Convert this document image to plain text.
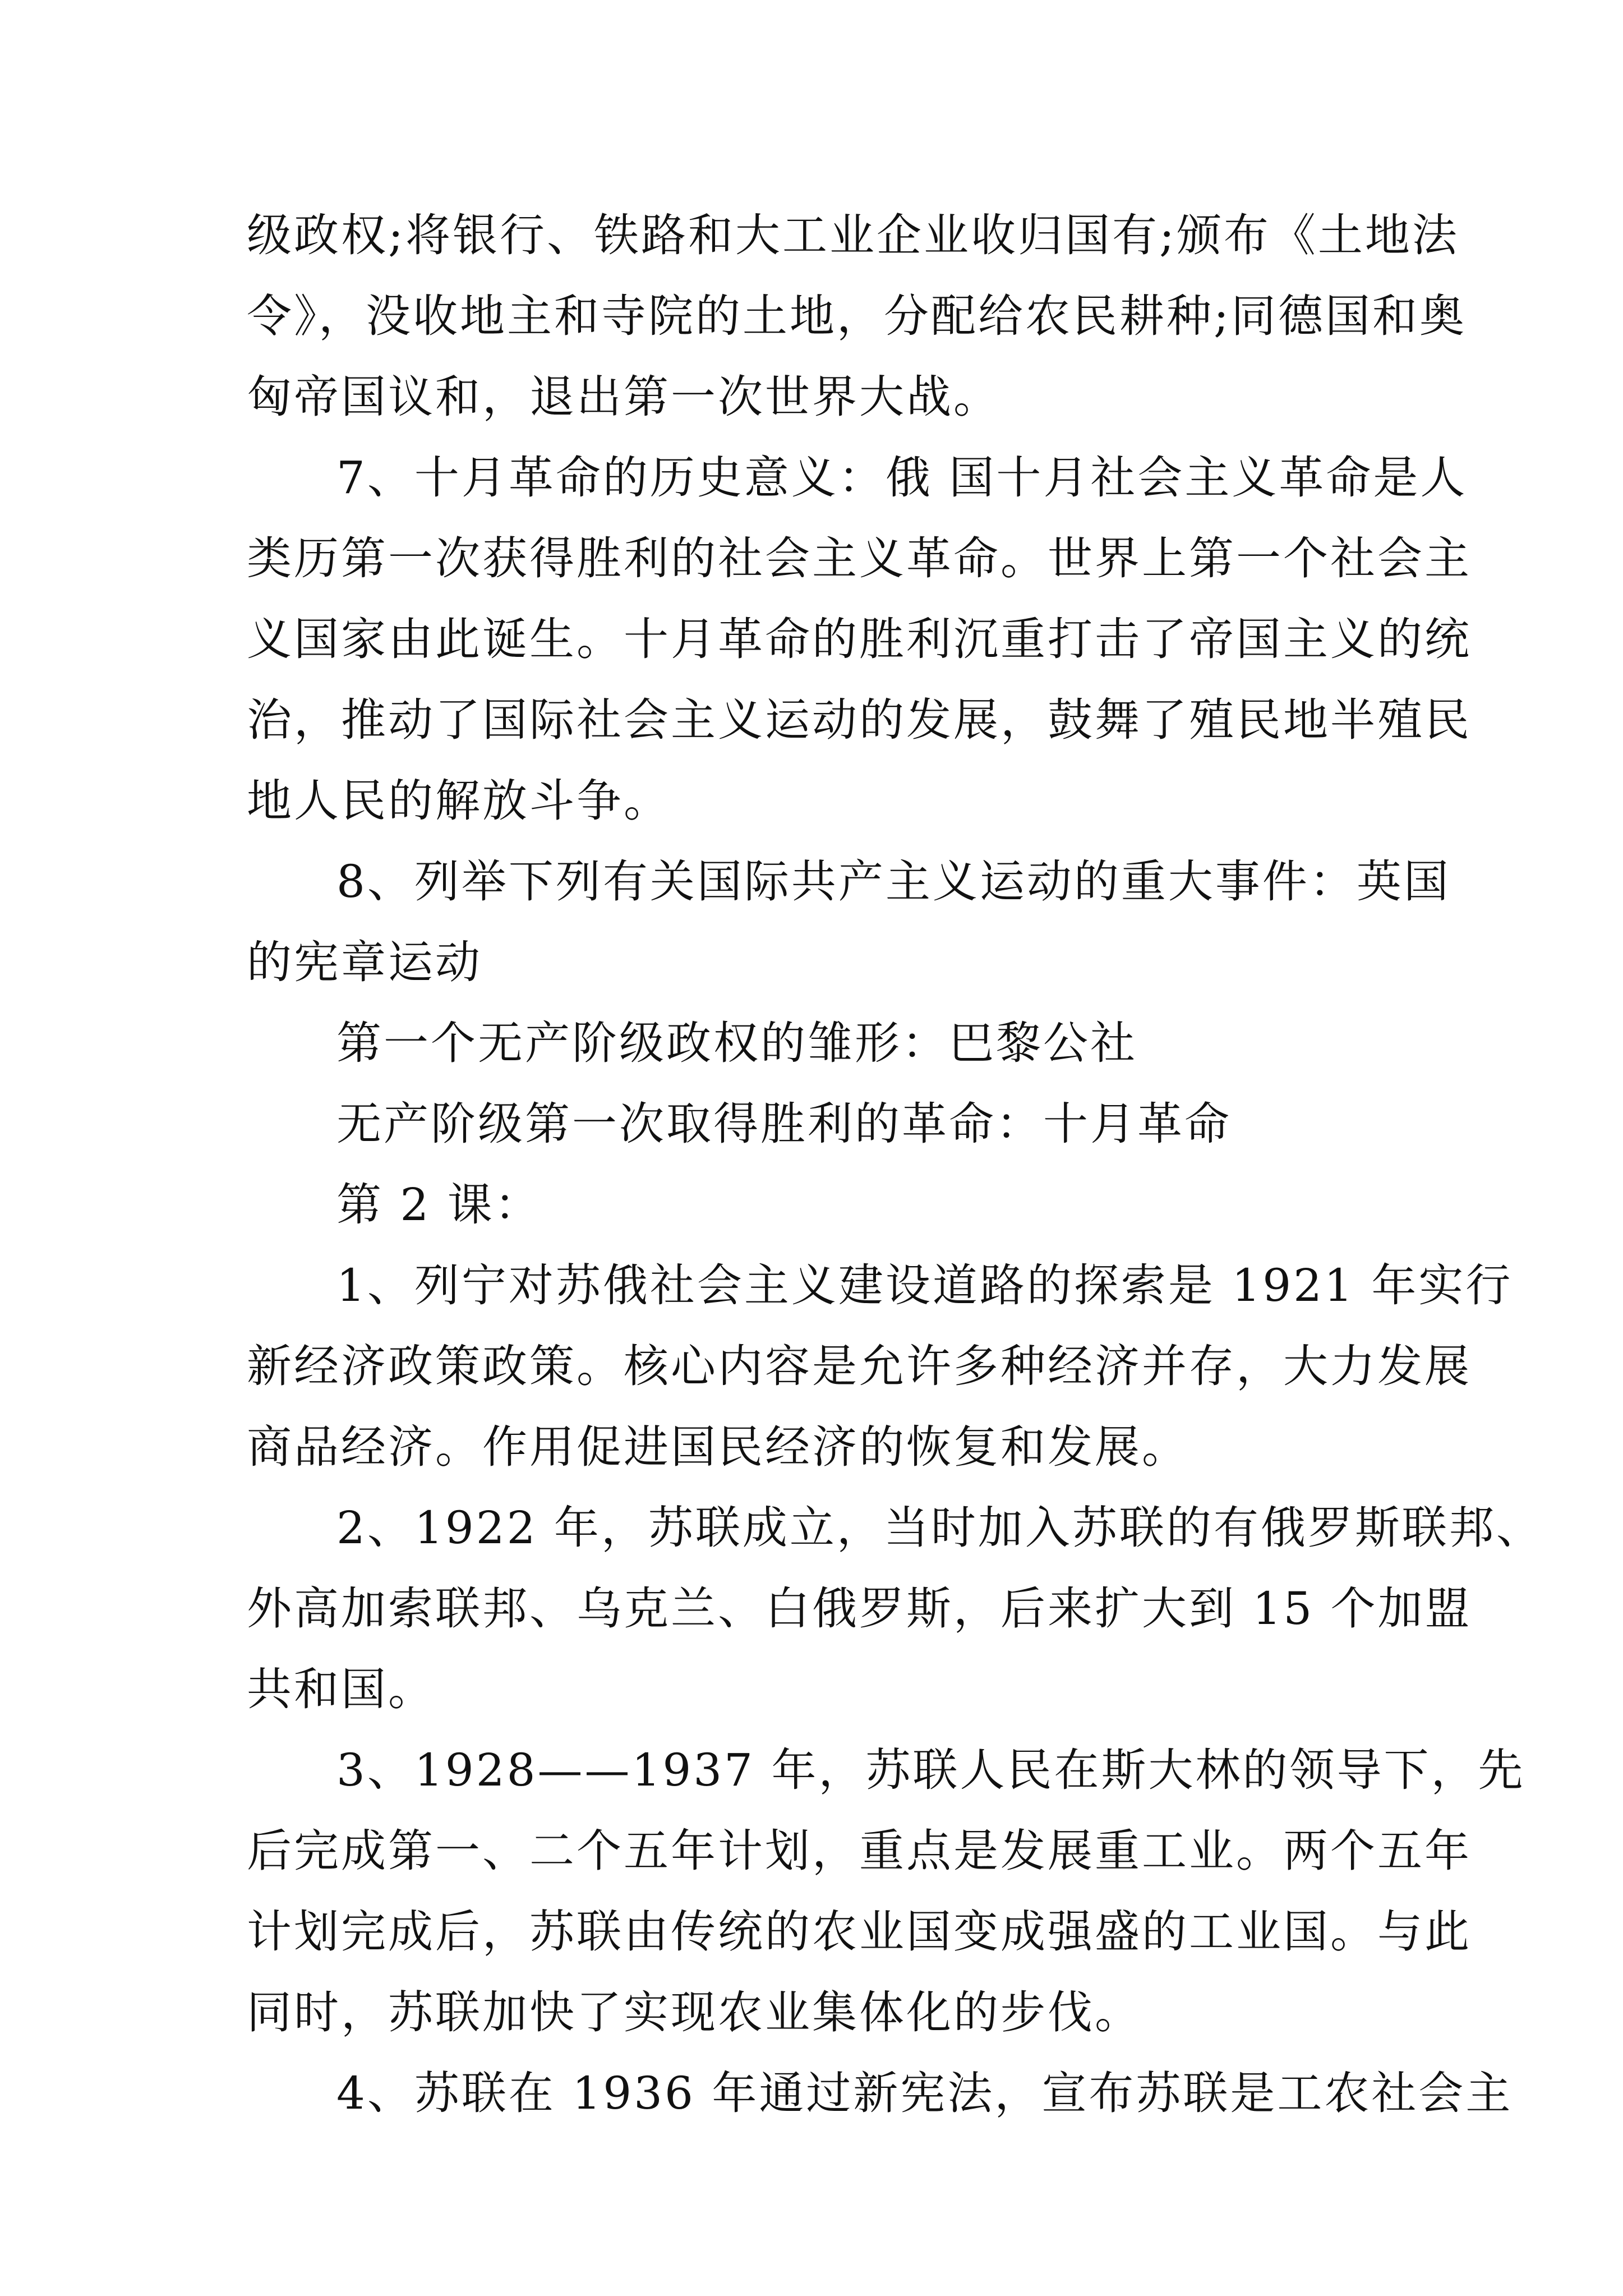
级政权;将银行、铁路和大工业企业收归国有;颁布《土地法
令》，没收地主和寺院的土地，分配给农民耕种;同德国和奥
匈帝国议和，退出第一次世界大战。
7、十月革命的历史意义：俄 国十月社会主义革命是人
类历第一次获得胜利的社会主义革命。世界上第一个社会主
义国家由此诞生。十月革命的胜利沉重打击了帝国主义的统
治，推动了国际社会主义运动的发展，鼓舞了殖民地半殖民
地人民的解放斗争。
8、列举下列有关国际共产主义运动的重大事件：英国
的宪章运动
第一个无产阶级政权的雏形：巴黎公社
无产阶级第一次取得胜利的革命：十月革命
第 2 课：
1、列宁对苏俄社会主义建设道路的探索是 1921 年实行
新经济政策政策。核心内容是允许多种经济并存，大力发展
商品经济。作用促进国民经济的恢复和发展。
2、1922 年，苏联成立，当时加入苏联的有俄罗斯联邦、
外高加索联邦、乌克兰、白俄罗斯，后来扩大到 15 个加盟
共和国。
3、1928——1937 年，苏联人民在斯大林的领导下，先
后完成第一、二个五年计划，重点是发展重工业。两个五年
计划完成后，苏联由传统的农业国变成强盛的工业国。与此
同时，苏联加快了实现农业集体化的步伐。
4、苏联在 1936 年通过新宪法，宣布苏联是工农社会主
